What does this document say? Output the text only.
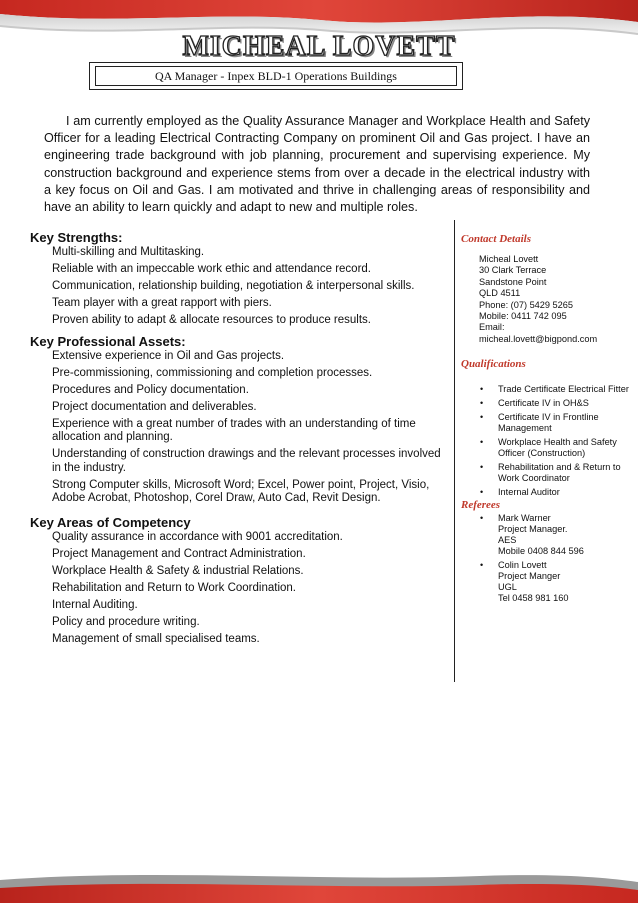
MICHEAL LOVETT
QA Manager - Inpex BLD-1 Operations Buildings

I am currently employed as the Quality Assurance Manager and Workplace Health and Safety Officer for a leading Electrical Contracting Company on prominent Oil and Gas project. I have an engineering trade background with job planning, procurement and supervising experience. My construction background and experience stems from over a decade in the electrical industry with a key focus on Oil and Gas. I am motivated and thrive in challenging areas of responsibility and have an ability to learn quickly and adapt to new and multiple roles.

Key Strengths:

Multi-skilling and Multitasking.

Reliable with an impeccable work ethic and attendance record.

Communication, relationship building, negotiation & interpersonal skills.

Team player with a great rapport with piers.

Proven ability to adapt & allocate resources to produce results.

Key Professional Assets:

Extensive experience in Oil and Gas projects.

Pre-commissioning, commissioning and completion processes.

Procedures and Policy documentation.

Project documentation and deliverables.

Experience with a great number of trades with an understanding of time allocation and planning.

Understanding of construction drawings and the relevant processes involved in the industry.

Strong Computer skills, Microsoft Word; Excel, Power point, Project, Visio, Adobe Acrobat, Photoshop, Corel Draw, Auto Cad, Revit Design.

Key Areas of Competency

Quality assurance in accordance with 9001 accreditation.

Project Management and Contract Administration.

Workplace Health & Safety & industrial Relations.

Rehabilitation and Return to Work Coordination.

Internal Auditing.

Policy and procedure writing.

Management of small specialised teams.

Contact Details

Micheal Lovett
30 Clark Terrace
Sandstone Point
QLD 4511
Phone: (07) 5429 5265
Mobile: 0411 742 095
Email:
micheal.lovett@bigpond.com

Qualifications

• Trade Certificate Electrical Fitter
• Certificate IV in OH&S
• Certificate IV in Frontline Management
• Workplace Health and Safety Officer (Construction)
• Rehabilitation and & Return to Work Coordinator
• Internal Auditor

Referees

• Mark Warner
Project Manager.
AES
Mobile 0408 844 596
• Colin Lovett
Project Manger
UGL
Tel 0458 981 160
